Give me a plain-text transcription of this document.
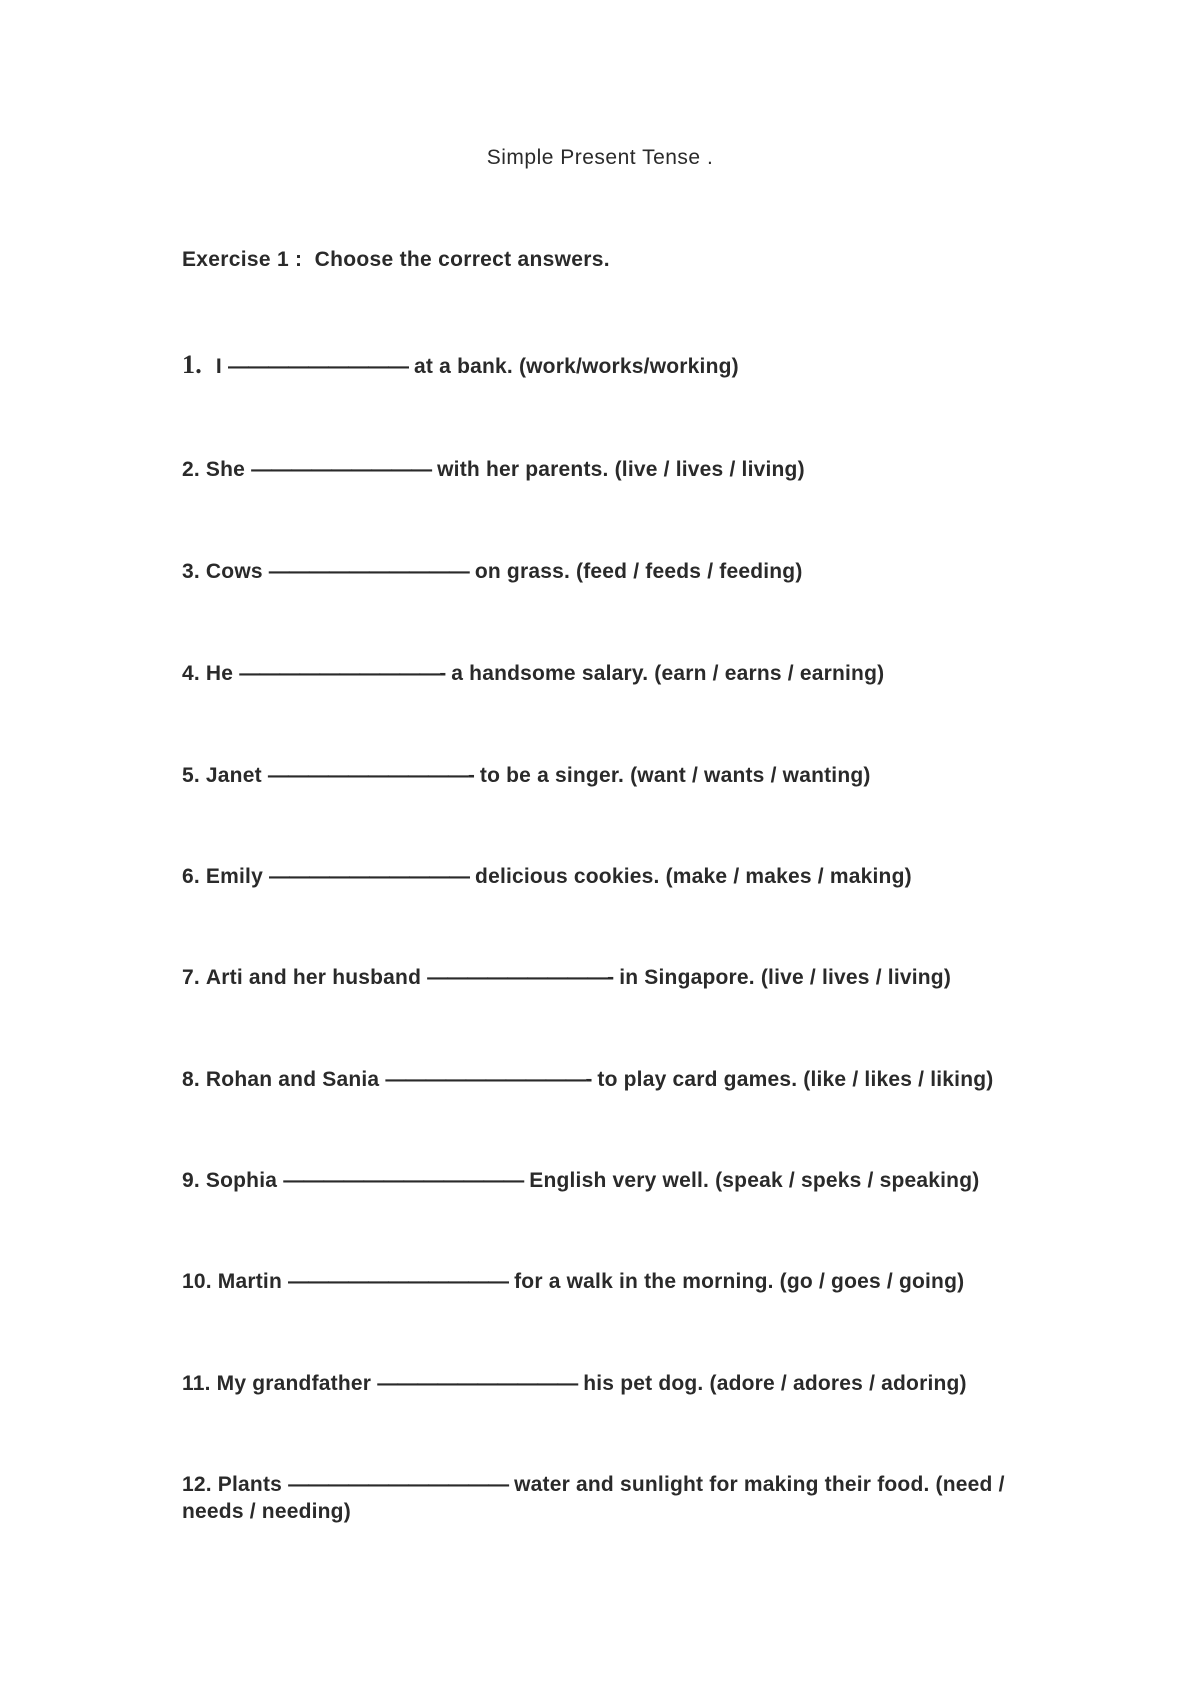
Simple Present Tense .
Exercise 1 : Choose the correct answers.
1. I ————————— at a bank. (work/works/working)
2. She ————————— with her parents. (live / lives / living)
3. Cows —————————— on grass. (feed / feeds / feeding)
4. He ——————————- a handsome salary. (earn / earns / earning)
5. Janet ——————————- to be a singer. (want / wants / wanting)
6. Emily —————————— delicious cookies. (make / makes / making)
7. Arti and her husband —————————- in Singapore. (live / lives / living)
8. Rohan and Sania ——————————- to play card games. (like / likes / liking)
9. Sophia ———————————— English very well. (speak / speks / speaking)
10. Martin ——————————— for a walk in the morning. (go / goes / going)
11. My grandfather —————————— his pet dog. (adore / adores / adoring)
12. Plants ——————————— water and sunlight for making their food. (need / needs / needing)
